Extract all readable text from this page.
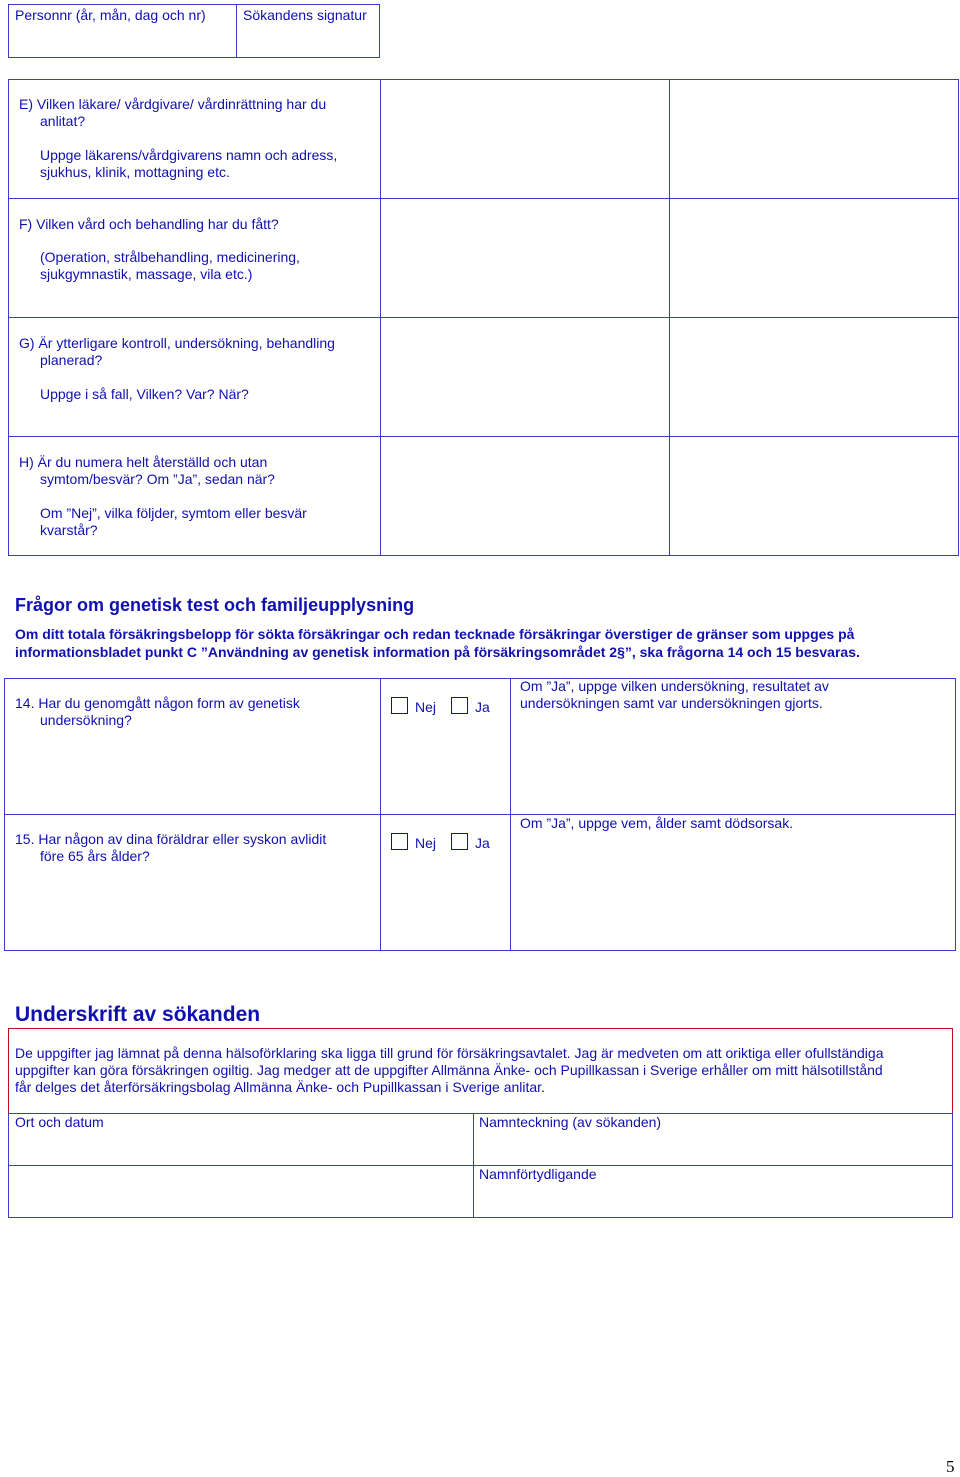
Personnr (år, mån, dag och nr)	Sökandens signatur
E) Vilken läkare/ vårdgivare/ vårdinrättning har du
anlitat?
Uppge läkarens/vårdgivarens namn och adress,
sjukhus, klinik, mottagning etc.
F) Vilken vård och behandling har du fått?
(Operation, strålbehandling, medicinering,
sjukgymnastik, massage, vila etc.)
G) Är ytterligare kontroll, undersökning, behandling
planerad?
Uppge i så fall, Vilken? Var? När?
H) Är du numera helt återställd och utan
symtom/besvär? Om ”Ja”, sedan när?
Om ”Nej”, vilka följder, symtom eller besvär
kvarstår?
Frågor om genetisk test och familjeupplysning
Om ditt totala försäkringsbelopp för sökta försäkringar och redan tecknade försäkringar överstiger de gränser som uppges på
informationsbladet punkt C ”Användning av genetisk information på försäkringsområdet 2§”, ska frågorna 14 och 15 besvaras.
14. Har du genomgått någon form av genetisk
undersökning?
Nej	Ja
Om ”Ja”, uppge vilken undersökning, resultatet av
undersökningen samt var undersökningen gjorts.
15. Har någon av dina föräldrar eller syskon avlidit
före 65 års ålder?
Nej	Ja
Om ”Ja”, uppge vem, ålder samt dödsorsak.
Underskrift av sökanden
De uppgifter jag lämnat på denna hälsoförklaring ska ligga till grund för försäkringsavtalet. Jag är medveten om att oriktiga eller ofullständiga
uppgifter kan göra försäkringen ogiltig. Jag medger att de uppgifter Allmänna Änke- och Pupillkassan i Sverige erhåller om mitt hälsotillstånd
får delges det återförsäkringsbolag Allmänna Änke- och Pupillkassan i Sverige anlitar.
Ort och datum	Namnteckning (av sökanden)
Namnförtydligande
5
